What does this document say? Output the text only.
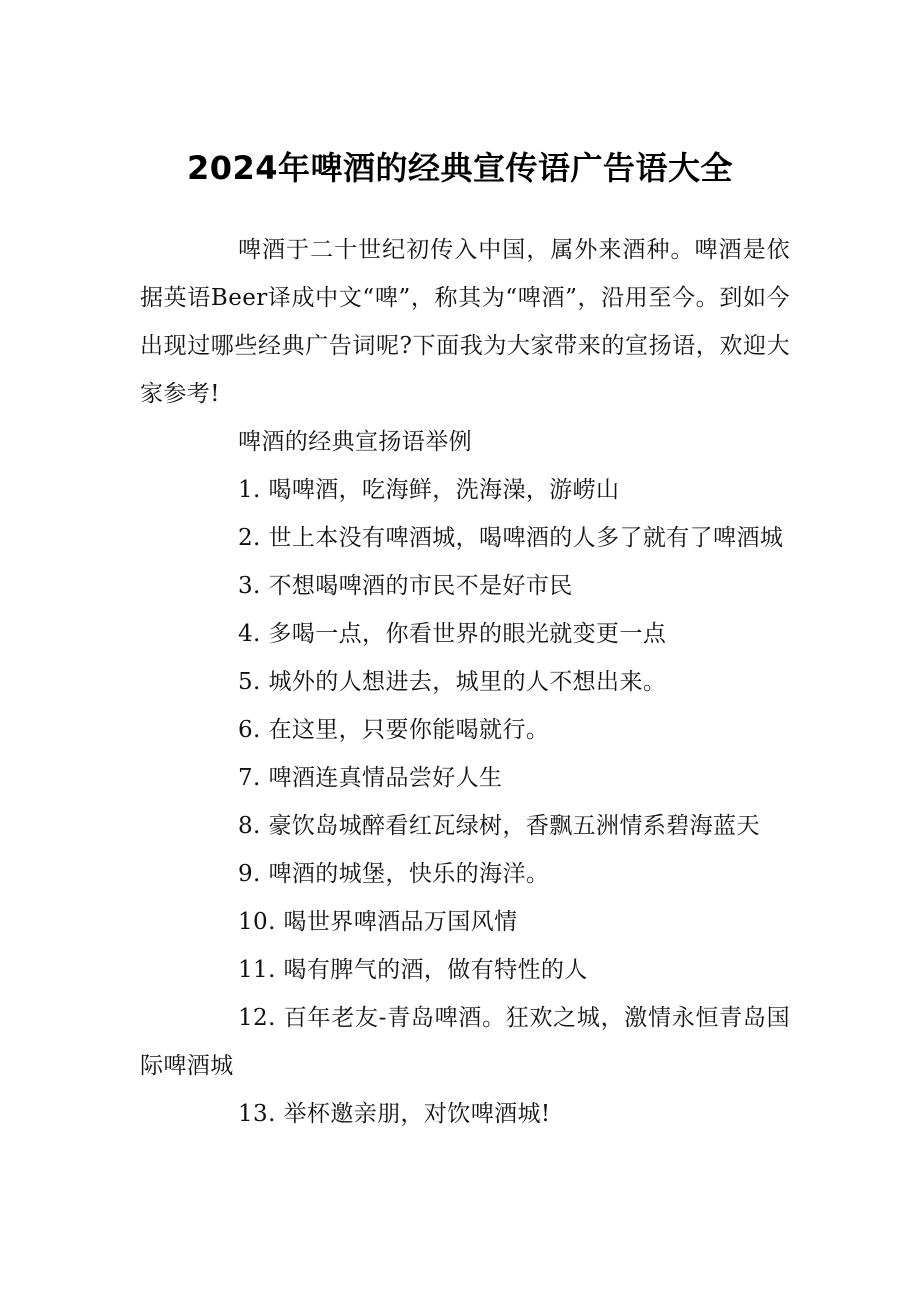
2024年啤酒的经典宣传语广告语大全

啤酒于二十世纪初传入中国，属外来酒种。啤酒是依据英语Beer译成中文“啤”，称其为“啤酒”，沿用至今。到如今出现过哪些经典广告词呢?下面我为大家带来的宣扬语，欢迎大家参考!

啤酒的经典宣扬语举例

1. 喝啤酒，吃海鲜，洗海澡，游崂山

2. 世上本没有啤酒城，喝啤酒的人多了就有了啤酒城

3. 不想喝啤酒的市民不是好市民

4. 多喝一点，你看世界的眼光就变更一点

5. 城外的人想进去，城里的人不想出来。

6. 在这里，只要你能喝就行。

7. 啤酒连真情品尝好人生

8. 豪饮岛城醉看红瓦绿树，香飘五洲情系碧海蓝天

9. 啤酒的城堡，快乐的海洋。

10. 喝世界啤酒品万国风情

11. 喝有脾气的酒，做有特性的人

12. 百年老友-青岛啤酒。狂欢之城，激情永恒青岛国际啤酒城

13. 举杯邀亲朋，对饮啤酒城!
